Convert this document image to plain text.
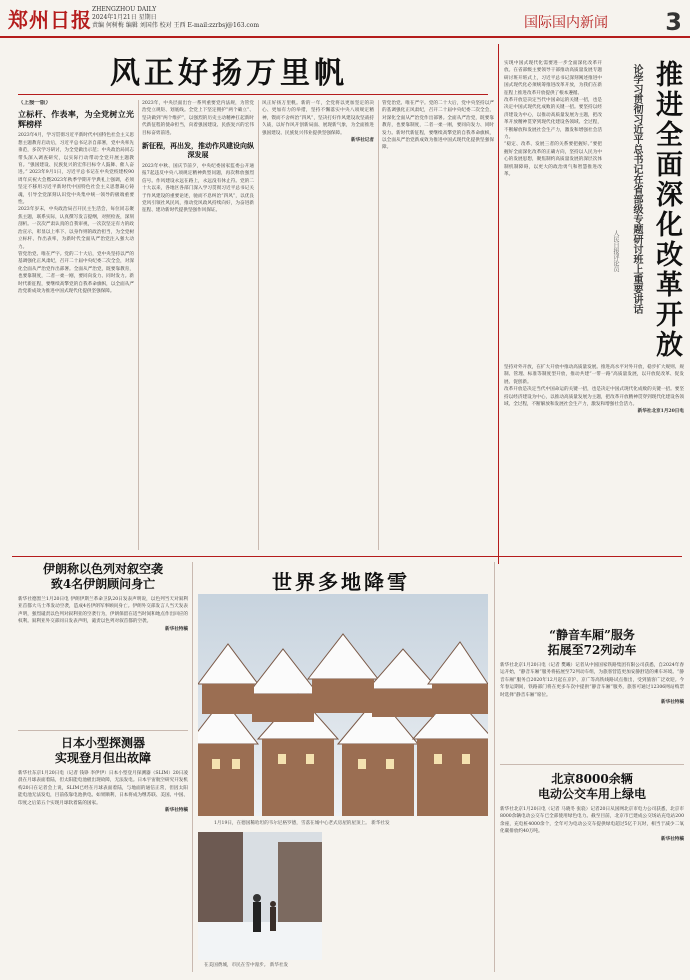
郑州日报 ZHENGZHOU DAILY
2024年1月21日 星期日
责编 何树梅 编辑 刘国伟 校对 王西 E-mail:zzrbsj@163.com	国际国内新闻 3
风正好扬万里帆
（上接一版）
立标杆、作表率，为全党树立光辉榜样

2023年4月，学习贯彻习近平新时代中国特色社会主义思想主题教育启动后，习近平总书记亲自部署，党中央率先垂范，多次学习研讨，为全党做出示范；中央政治局同志带头深入调查研究，以实际行动带动全党开展主题教育。“强国建设、民族复兴的宏伟目标令人鼓舞、催人奋进。” 2023年9月1日，习近平总书记在中央党校建校90周年庆祝大会暨2023年秋季学期开学典礼上强调，必须坚定不移用习近平新时代中国特色社会主义思想凝心铸魂，引导全党深刻认识党中央集中统一领导的极端重要性。

2023年岁末，中央政治局召开民主生活会，每位同志聚焦主题，联系实际，认真撰写发言提纲，对照检查，深刻剖析。一次次严肃认真的自我审视，一次次坚定有力的政治宣示，彰显以上率下、以身作则的政治担当，为全党树立标杆、作出表率，为新时代全面从严治党注入强大动力。

管党治党、唯在严字。党的二十大后，党中央坚持以严的基调强化正风肃纪，召开二十届中央纪委二次全会，对深化全面从严治党作出部署。全面从严治党，既要靠教育，也要靠制度，二者一柔一刚，要同向发力、同时发力。新时代新征程，要继续高擎党的自我革命旗帜，以全面从严治党新成效为推进中国式现代化提供坚强保障。

2023年，中央层面出台一系列重要党内法规，为管党治党立规矩、划底线。全党上下坚定拥护“两个确立”、坚决做到“两个维护”，以强烈的历史主动精神扛起新时代新征程的使命担当，向着强国建设、民族复兴的宏伟目标奋勇前进。

新征程，再出发，推动作风建设向纵深发展

2023年中秋、国庆节前夕，中央纪委国家监委公开通报7起违反中央八项规定精神典型问题，再次释放强烈信号。作风建设永远在路上，永远没有休止符。党的二十大以来，各地区各部门深入学习贯彻习近平总书记关于作风建设的重要论述，驰而不息纠治“四风”，以优良党风引领社风民风，推动党风政风持续向好，为奋进新征程、建功新时代提供坚强作风保证。

风正好扬万里帆。新的一年，全党将以更加坚定的决心、更加有力的举措，坚持不懈落实中央八项规定精神，锲而不舍纠治“四风”，坚决打好作风建设攻坚战持久战，以好作风开创新局面、展现新气象，为全面推进强国建设、民族复兴伟业提供坚强保障。

新华社记者

管党治党、唯在严字。党的二十大后，党中央坚持以严的基调强化正风肃纪，召开二十届中央纪委二次全会，对深化全面从严治党作出部署。全面从严治党，既要靠教育，也要靠制度，二者一柔一刚，要同向发力、同时发力。新时代新征程，要继续高擎党的自我革命旗帜，以全面从严治党新成效为推进中国式现代化提供坚强保障。	推进全面深化改革开放
论学习贯彻习近平总书记在省部级专题研讨班上重要讲话
人民日报评论员

实现中国式现代化需要进一步全面深化改革开放。在省部级主要领导干部推动高质量发展专题研讨班开班式上，习近平总书记深刻阐述推进中国式现代化必须统筹推进改革开放，为我们在新征程上推进改革开放提供了根本遵循。

改革开放是决定当代中国命运的关键一招，也是决定中国式现代化成败的关键一招。要坚持以经济建设为中心，以推动高质量发展为主题，把改革开放精神贯穿到现代化建设各领域、全过程，不断解放和发展社会生产力，激发和增强社会活力。

“稳定、改革、发展三者的关系要把握好。”要把握好全面深化改革的正确方向，坚持以人民为中心的发展思想，聚焦制约高质量发展的深层次体制机制障碍，以更大的政治勇气和智慧推进改革。

坚持对外开放，在扩大开放中推动高质量发展。推进高水平对外开放，稳步扩大规则、规制、管理、标准等制度型开放，推动共建“一带一路”高质量发展，以开放促改革、促发展、促创新。

改革开放是决定当代中国命运的关键一招，也是决定中国式现代化成败的关键一招。要坚持以经济建设为中心，以推动高质量发展为主题，把改革开放精神贯穿到现代化建设各领域、全过程，不断解放和发展社会生产力，激发和增强社会活力。

新华社北京1月20日电

伊朗称以色列对叙空袭
致4名伊朗顾问身亡

新华社德黑兰1月20日电 伊朗伊斯兰革命卫队20日发表声明说，以色列当天对叙利亚首都大马士革发动空袭，造成4名伊朗军事顾问身亡。伊朗外交部发言人当天发表声明，强烈谴责以色列对叙利亚的空袭行为，伊朗保留在适当时间和地点作出回应的权利。叙利亚外交部同日发表声明，谴责以色列对叙首都的空袭。

新华社特稿

日本小型探测器
实现登月但出故障

新华社东京1月20日电（记者 钱铮 李伊伊）日本小型登月探测器（SLIM）20日凌晨在月球表面着陆，但太阳能电池板出现故障，无法发电。日本宇宙航空研究开发机构20日在记者会上说，SLIM已经在月球表面着陆，与地面的通信正常，但因太阳能电池无法发电，目前依靠电池供电。如果顺利，日本将成为继苏联、美国、中国、印度之后第五个实现月球软着陆的国家。

新华社特稿

世界多地降雪
1月19日，在德国稀哈坦的韦尔尼格罗德，雪落在城中心老式房屋的屋顶上。 新华社发
在美国费城，市民在雪中漫步。 新华社发
“静音车厢”服务
拓展至72列动车

新华社北京1月20日电（记者 樊曦）记者从中国国家铁路集团有限公司获悉，自2024年春运开始，“静音车厢”服务将拓展至72列动车组，为旅客营造更加安静舒适的乘车环境。“静音车厢”服务自2020年12月起在京沪、京广等高铁线路试点推出，受到旅客广泛欢迎。今年春运期间，铁路部门将在更多车次中提供“静音车厢”服务，旅客可通过12306网站购票时选择“静音车厢”席位。

新华社特稿

北京8000余辆
电动公交车用上绿电

新华社北京1月20日电（记者 马晓冬 张骁）记者20日从国网北京市电力公司获悉，北京市8000余辆电动公交车已全部使用绿色电力。截至目前，北京市已建成公交场站充电站200余座，充电桩4000余个，全年可为电动公交车提供绿电超过5亿千瓦时，相当于减少二氧化碳排放约40万吨。

新华社特稿
